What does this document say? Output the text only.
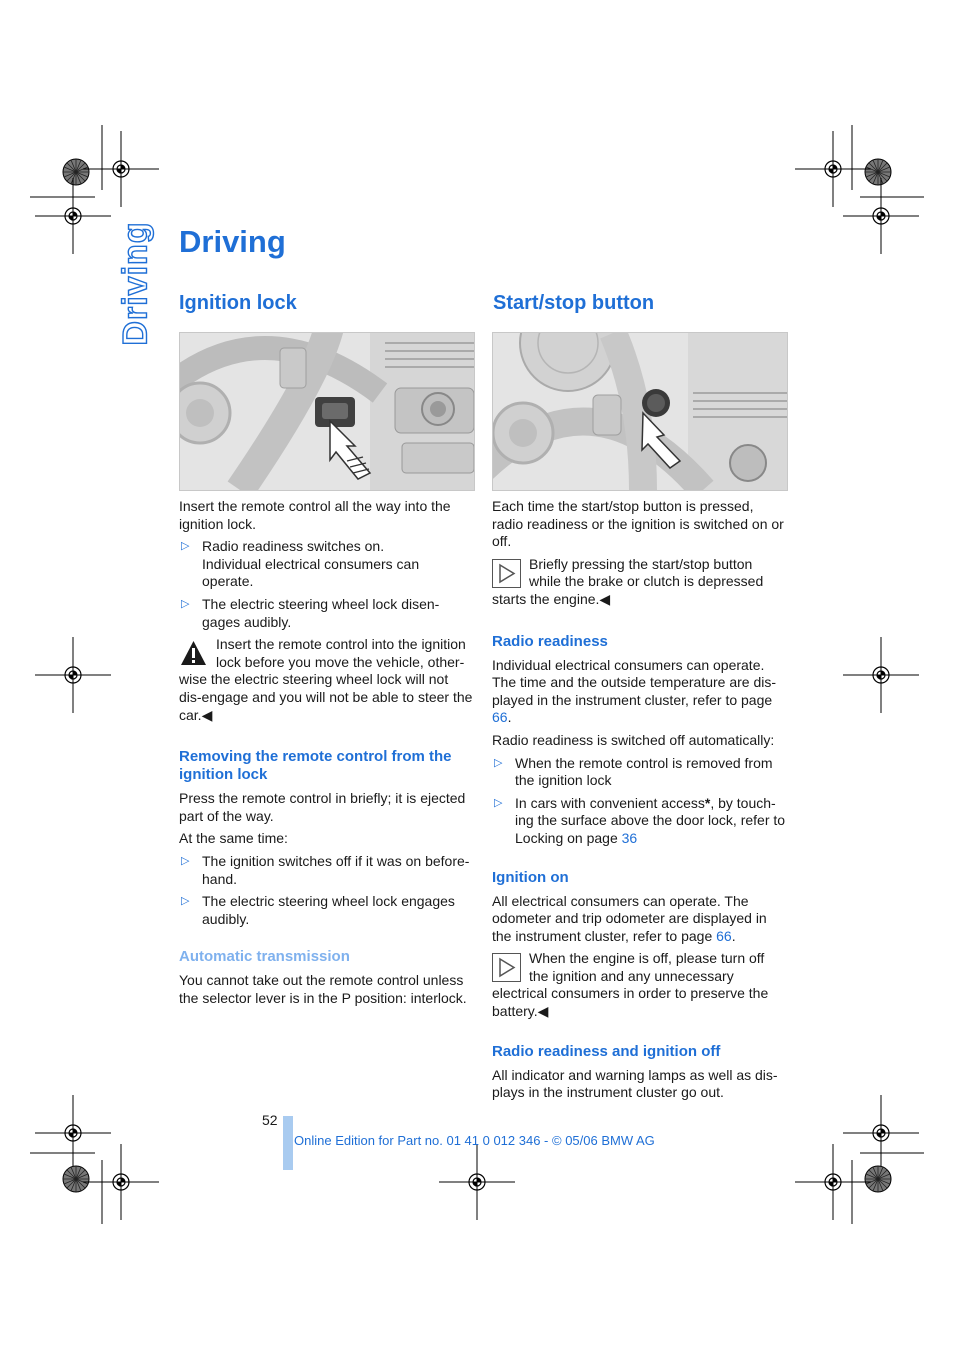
Driving Driving
Ignition lock	Start/stop button

Insert the remote control all the way into the ignition lock.

▷ Radio readiness switches on.
Individual electrical consumers can operate.
▷ The electric steering wheel lock disen-gages audibly.
Insert the remote control into the ignition lock before you move the vehicle, other-wise the electric steering wheel lock will not dis-engage and you will not be able to steer the car.◀
Removing the remote control from the ignition lock

Press the remote control in briefly; it is ejected part of the way.

At the same time:

▷ The ignition switches off if it was on before-hand.
▷ The electric steering wheel lock engages audibly.
Automatic transmission

You cannot take out the remote control unless the selector lever is in the P position: interlock.

Each time the start/stop button is pressed, radio readiness or the ignition is switched on or off.

Briefly pressing the start/stop button while the brake or clutch is depressed starts the engine.◀
Radio readiness

Individual electrical consumers can operate. The time and the outside temperature are dis-played in the instrument cluster, refer to page 66.

Radio readiness is switched off automatically:

▷ When the remote control is removed from the ignition lock
▷ In cars with convenient access*, by touch-ing the surface above the door lock, refer to Locking on page 36
Ignition on

All electrical consumers can operate. The odometer and trip odometer are displayed in the instrument cluster, refer to page 66.

When the engine is off, please turn off the ignition and any unnecessary electrical consumers in order to preserve the battery.◀
Radio readiness and ignition off

All indicator and warning lamps as well as dis-plays in the instrument cluster go out.

52
Online Edition for Part no. 01 41 0 012 346 - © 05/06 BMW AG
